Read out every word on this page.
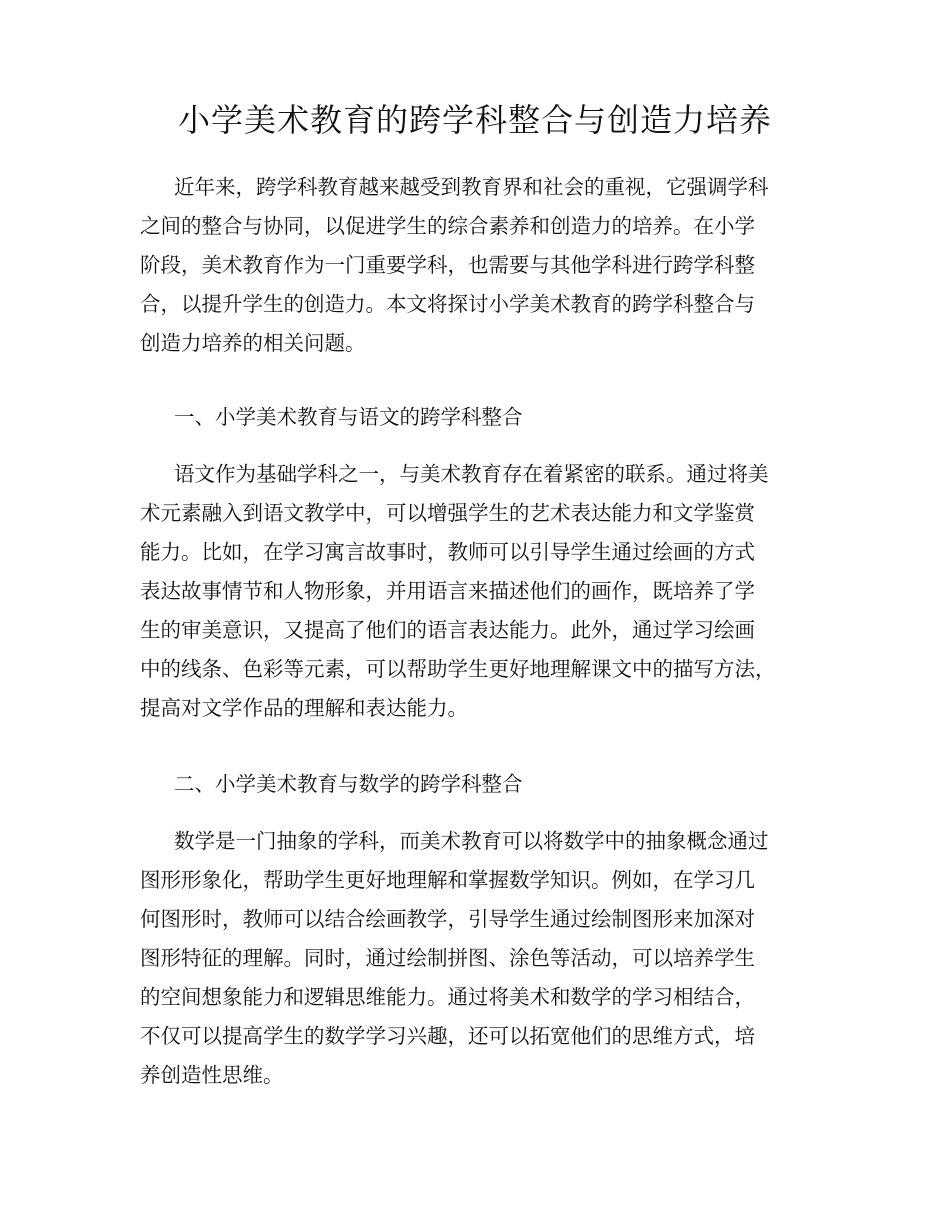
小学美术教育的跨学科整合与创造力培养
近年来，跨学科教育越来越受到教育界和社会的重视，它强调学科
之间的整合与协同，以促进学生的综合素养和创造力的培养。在小学
阶段，美术教育作为一门重要学科，也需要与其他学科进行跨学科整
合，以提升学生的创造力。本文将探讨小学美术教育的跨学科整合与
创造力培养的相关问题。
一、小学美术教育与语文的跨学科整合
语文作为基础学科之一，与美术教育存在着紧密的联系。通过将美
术元素融入到语文教学中，可以增强学生的艺术表达能力和文学鉴赏
能力。比如，在学习寓言故事时，教师可以引导学生通过绘画的方式
表达故事情节和人物形象，并用语言来描述他们的画作，既培养了学
生的审美意识，又提高了他们的语言表达能力。此外，通过学习绘画
中的线条、色彩等元素，可以帮助学生更好地理解课文中的描写方法，
提高对文学作品的理解和表达能力。
二、小学美术教育与数学的跨学科整合
数学是一门抽象的学科，而美术教育可以将数学中的抽象概念通过
图形形象化，帮助学生更好地理解和掌握数学知识。例如，在学习几
何图形时，教师可以结合绘画教学，引导学生通过绘制图形来加深对
图形特征的理解。同时，通过绘制拼图、涂色等活动，可以培养学生
的空间想象能力和逻辑思维能力。通过将美术和数学的学习相结合，
不仅可以提高学生的数学学习兴趣，还可以拓宽他们的思维方式，培
养创造性思维。
